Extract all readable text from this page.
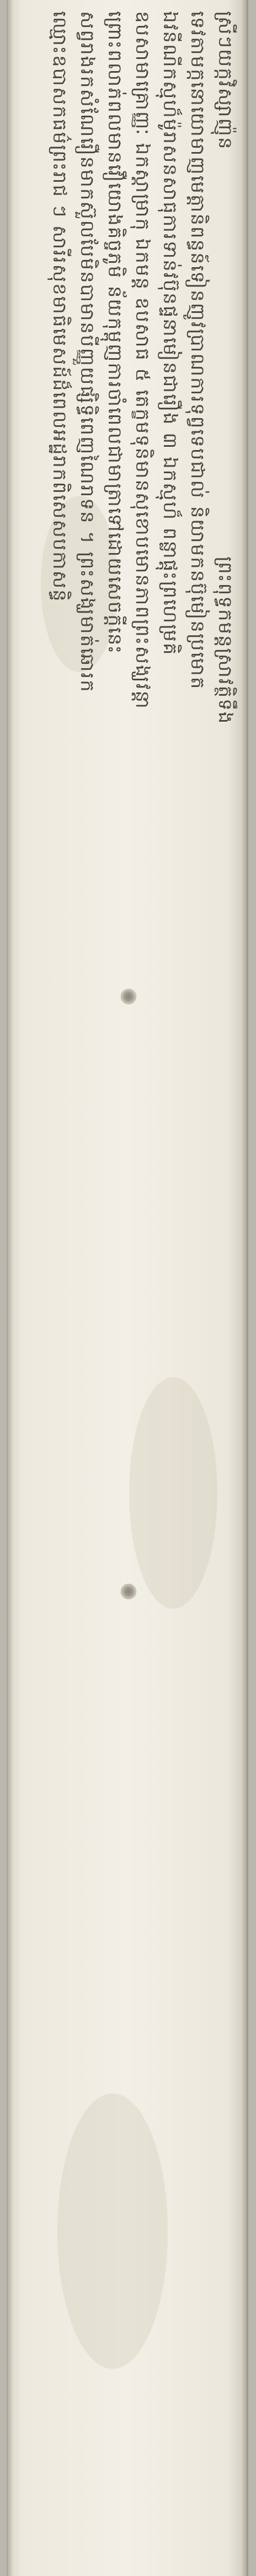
ស្រីៗយក្កវិស្សាញ៉ុន
ព្រះពុទ្ធកមន្តស្រាវត្ថិទឹង
ទេវតាមក្កនោយោមាញមេត្តានិពន្ធន៍ទៀនញូវប្រាណការទុព្វទេបជាល់ និយាមកនប៊ុមៀនប្រមោត
ឯវនីណីកស្មុហ៏ម៉ូរាសនសាធុការទាន់វប៊ុនផ្ទនាមៀនជារឿង ៣ ឯកស្មុហ៏ ពន្លាផ្តុះព្រហេម្រគិ
ឧបសាមាគ្រោញ្ញៈ ឯកស្តាម្រាកុ ឯកមន្ត ឧបសាធ ៥ តេក្ខមទុនិមានសុខោបមោនភាពព្រះសង្ឃវន្តា
ព្រោះពលាភ់ពលមានវឿយោងគិច្ចភូមិ ន័យកុម្ពុញការចាំពេលជាមាត្រាទៅដោយសេចក្ដីនេះ
សព្វរាងរកសំណែរឿនមាកស៊ួលបែមិនបាមានបីញ្ញួយផ្សិទ្ធិពេញណៃរាទន ។ ព្រះសង្ឃមាត់ឆោរក
ឈ្មោះឧបាសកធម៌ព្រះរាជ ៗ សារីរសុខមាធិមេសដ៍ដ៏ពេលអដ្ឋរាកពិសេសបកាសន្ធិ
